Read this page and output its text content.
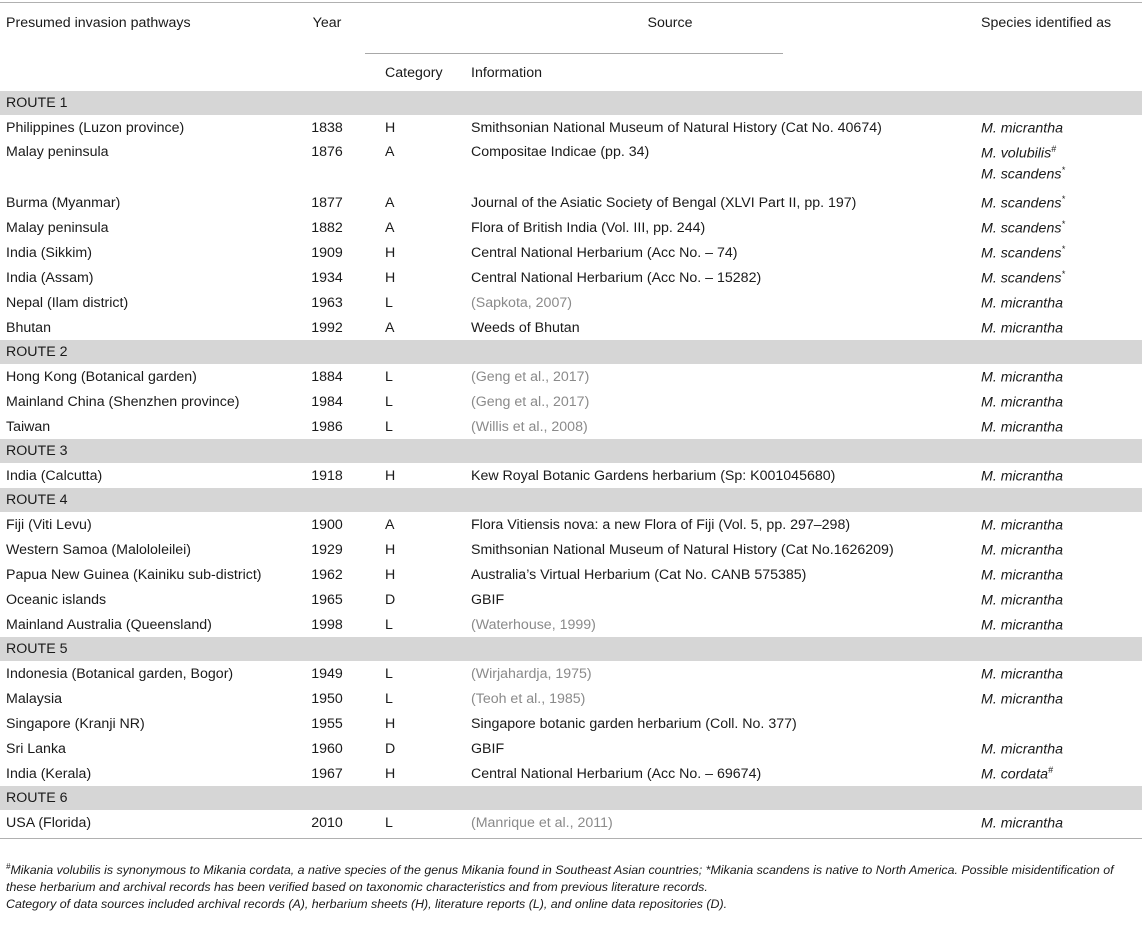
Presumed invasion pathways	Year	Source		Species identified as
		Category	Information	
ROUTE 1				
Philippines (Luzon province)	1838	H	Smithsonian National Museum of Natural History (Cat No. 40674)	M. micrantha

Malay peninsula	1876	A	Compositae Indicae (pp. 34)	M. volubilis#
M. scandens*

Burma (Myanmar)	1877	A	Journal of the Asiatic Society of Bengal (XLVI Part II, pp. 197)	M. scandens*

Malay peninsula	1882	A	Flora of British India (Vol. III, pp. 244)	M. scandens*

India (Sikkim)	1909	H	Central National Herbarium (Acc No. – 74)	M. scandens*

India (Assam)	1934	H	Central National Herbarium (Acc No. – 15282)	M. scandens*

Nepal (Ilam district)	1963	L	(Sapkota, 2007)	M. micrantha

Bhutan	1992	A	Weeds of Bhutan	M. micrantha

ROUTE 2				
Hong Kong (Botanical garden)	1884	L	(Geng et al., 2017)	M. micrantha

Mainland China (Shenzhen province)	1984	L	(Geng et al., 2017)	M. micrantha

Taiwan	1986	L	(Willis et al., 2008)	M. micrantha

ROUTE 3				
India (Calcutta)	1918	H	Kew Royal Botanic Gardens herbarium (Sp: K001045680)	M. micrantha

ROUTE 4				
Fiji (Viti Levu)	1900	A	Flora Vitiensis nova: a new Flora of Fiji (Vol. 5, pp. 297–298)	M. micrantha

Western Samoa (Malololeilei)	1929	H	Smithsonian National Museum of Natural History (Cat No.1626209)	M. micrantha

Papua New Guinea (Kainiku sub-district)	1962	H	Australia’s Virtual Herbarium (Cat No. CANB 575385)	M. micrantha

Oceanic islands	1965	D	GBIF	M. micrantha

Mainland Australia (Queensland)	1998	L	(Waterhouse, 1999)	M. micrantha

ROUTE 5				
Indonesia (Botanical garden, Bogor)	1949	L	(Wirjahardja, 1975)	M. micrantha

Malaysia	1950	L	(Teoh et al., 1985)	M. micrantha

Singapore (Kranji NR)	1955	H	Singapore botanic garden herbarium (Coll. No. 377)	

Sri Lanka	1960	D	GBIF	M. micrantha

India (Kerala)	1967	H	Central National Herbarium (Acc No. – 69674)	M. cordata#

ROUTE 6				
USA (Florida)	2010	L	(Manrique et al., 2011)	M. micrantha

#Mikania volubilis is synonymous to Mikania cordata, a native species of the genus Mikania found in Southeast Asian countries; *Mikania scandens is native to North America. Possible misidentification of these herbarium and archival records has been verified based on taxonomic characteristics and from previous literature records.
Category of data sources included archival records (A), herbarium sheets (H), literature reports (L), and online data repositories (D).
